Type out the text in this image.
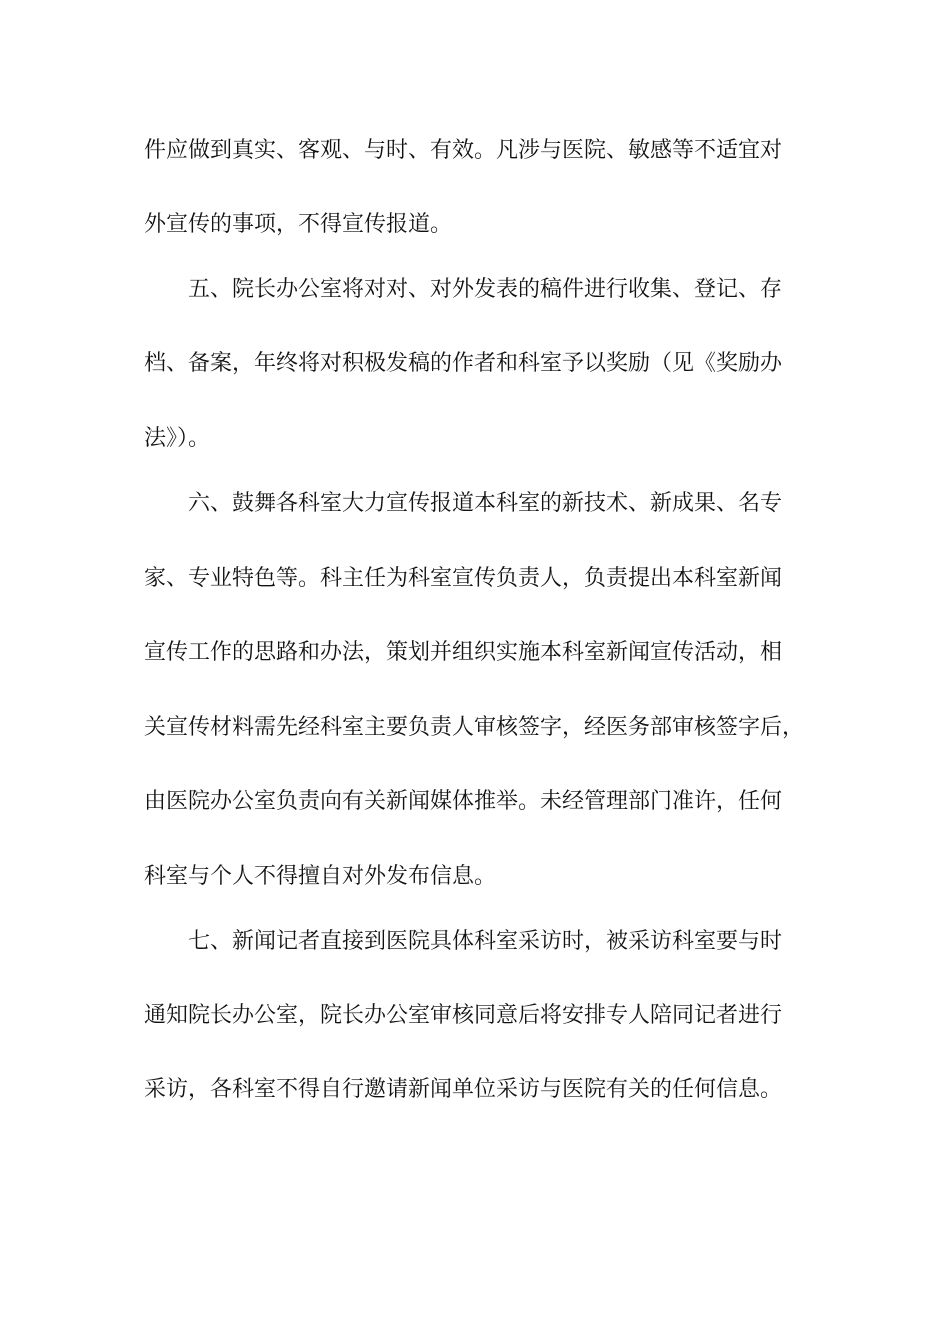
件应做到真实、客观、与时、有效。凡涉与医院、敏感等不适宜对
外宣传的事项，不得宣传报道。
五、院长办公室将对对、对外发表的稿件进行收集、登记、存
档、备案，年终将对积极发稿的作者和科室予以奖励（见《奖励办
法》）。
六、鼓舞各科室大力宣传报道本科室的新技术、新成果、名专
家、专业特色等。科主任为科室宣传负责人，负责提出本科室新闻
宣传工作的思路和办法，策划并组织实施本科室新闻宣传活动，相
关宣传材料需先经科室主要负责人审核签字，经医务部审核签字后，
由医院办公室负责向有关新闻媒体推举。未经管理部门准许，任何
科室与个人不得擅自对外发布信息。
七、新闻记者直接到医院具体科室采访时，被采访科室要与时
通知院长办公室，院长办公室审核同意后将安排专人陪同记者进行
采访，各科室不得自行邀请新闻单位采访与医院有关的任何信息。
